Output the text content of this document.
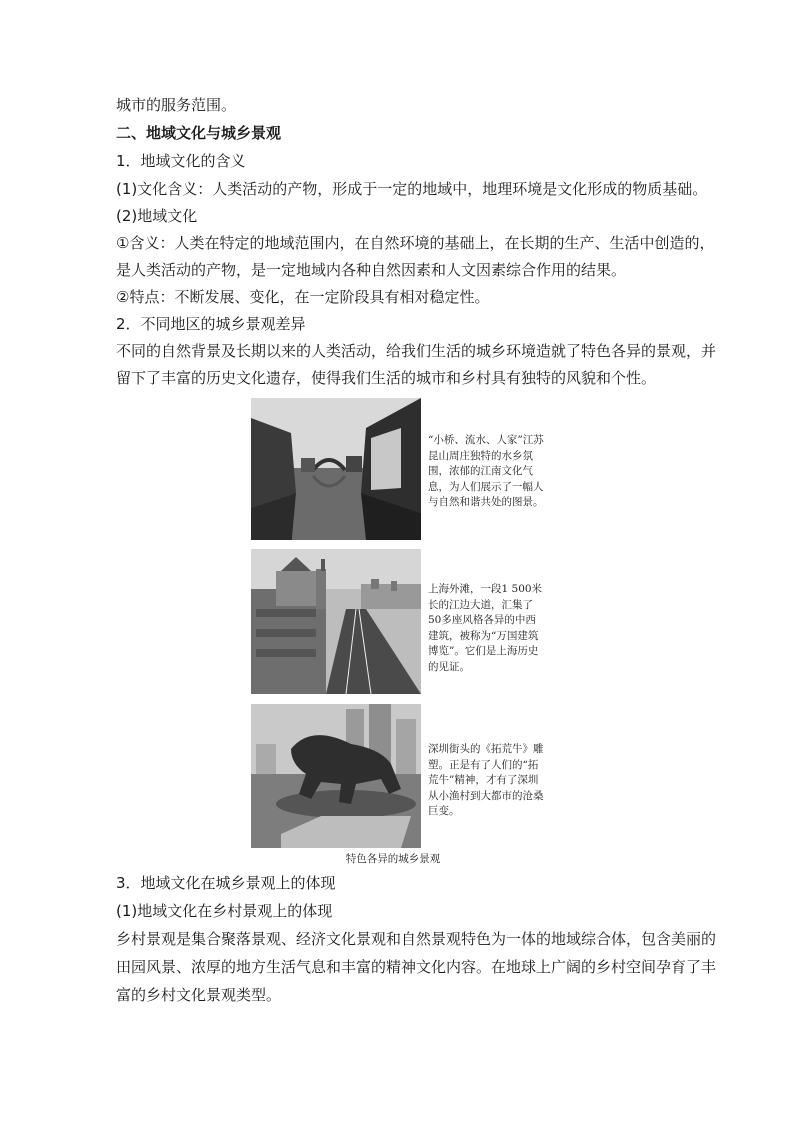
城市的服务范围。
二、地域文化与城乡景观
1．地域文化的含义
(1)文化含义：人类活动的产物，形成于一定的地域中，地理环境是文化形成的物质基础。
(2)地域文化
①含义：人类在特定的地域范围内，在自然环境的基础上，在长期的生产、生活中创造的，
是人类活动的产物，是一定地域内各种自然因素和人文因素综合作用的结果。
②特点：不断发展、变化，在一定阶段具有相对稳定性。
2．不同地区的城乡景观差异
不同的自然背景及长期以来的人类活动，给我们生活的城乡环境造就了特色各异的景观，并
留下了丰富的历史文化遗存，使得我们生活的城市和乡村具有独特的风貌和个性。
“小桥、流水、人家”江苏昆山周庄独特的水乡氛围，浓郁的江南文化气息，为人们展示了一幅人与自然和谐共处的图景。
上海外滩，一段1 500米长的江边大道，汇集了50多座风格各异的中西建筑，被称为“万国建筑博览”。它们是上海历史的见证。
深圳街头的《拓荒牛》雕塑。正是有了人们的“拓荒牛”精神，才有了深圳从小渔村到大都市的沧桑巨变。
特色各异的城乡景观
3．地域文化在城乡景观上的体现
(1)地域文化在乡村景观上的体现
乡村景观是集合聚落景观、经济文化景观和自然景观特色为一体的地域综合体，包含美丽的
田园风景、浓厚的地方生活气息和丰富的精神文化内容。在地球上广阔的乡村空间孕育了丰
富的乡村文化景观类型。
